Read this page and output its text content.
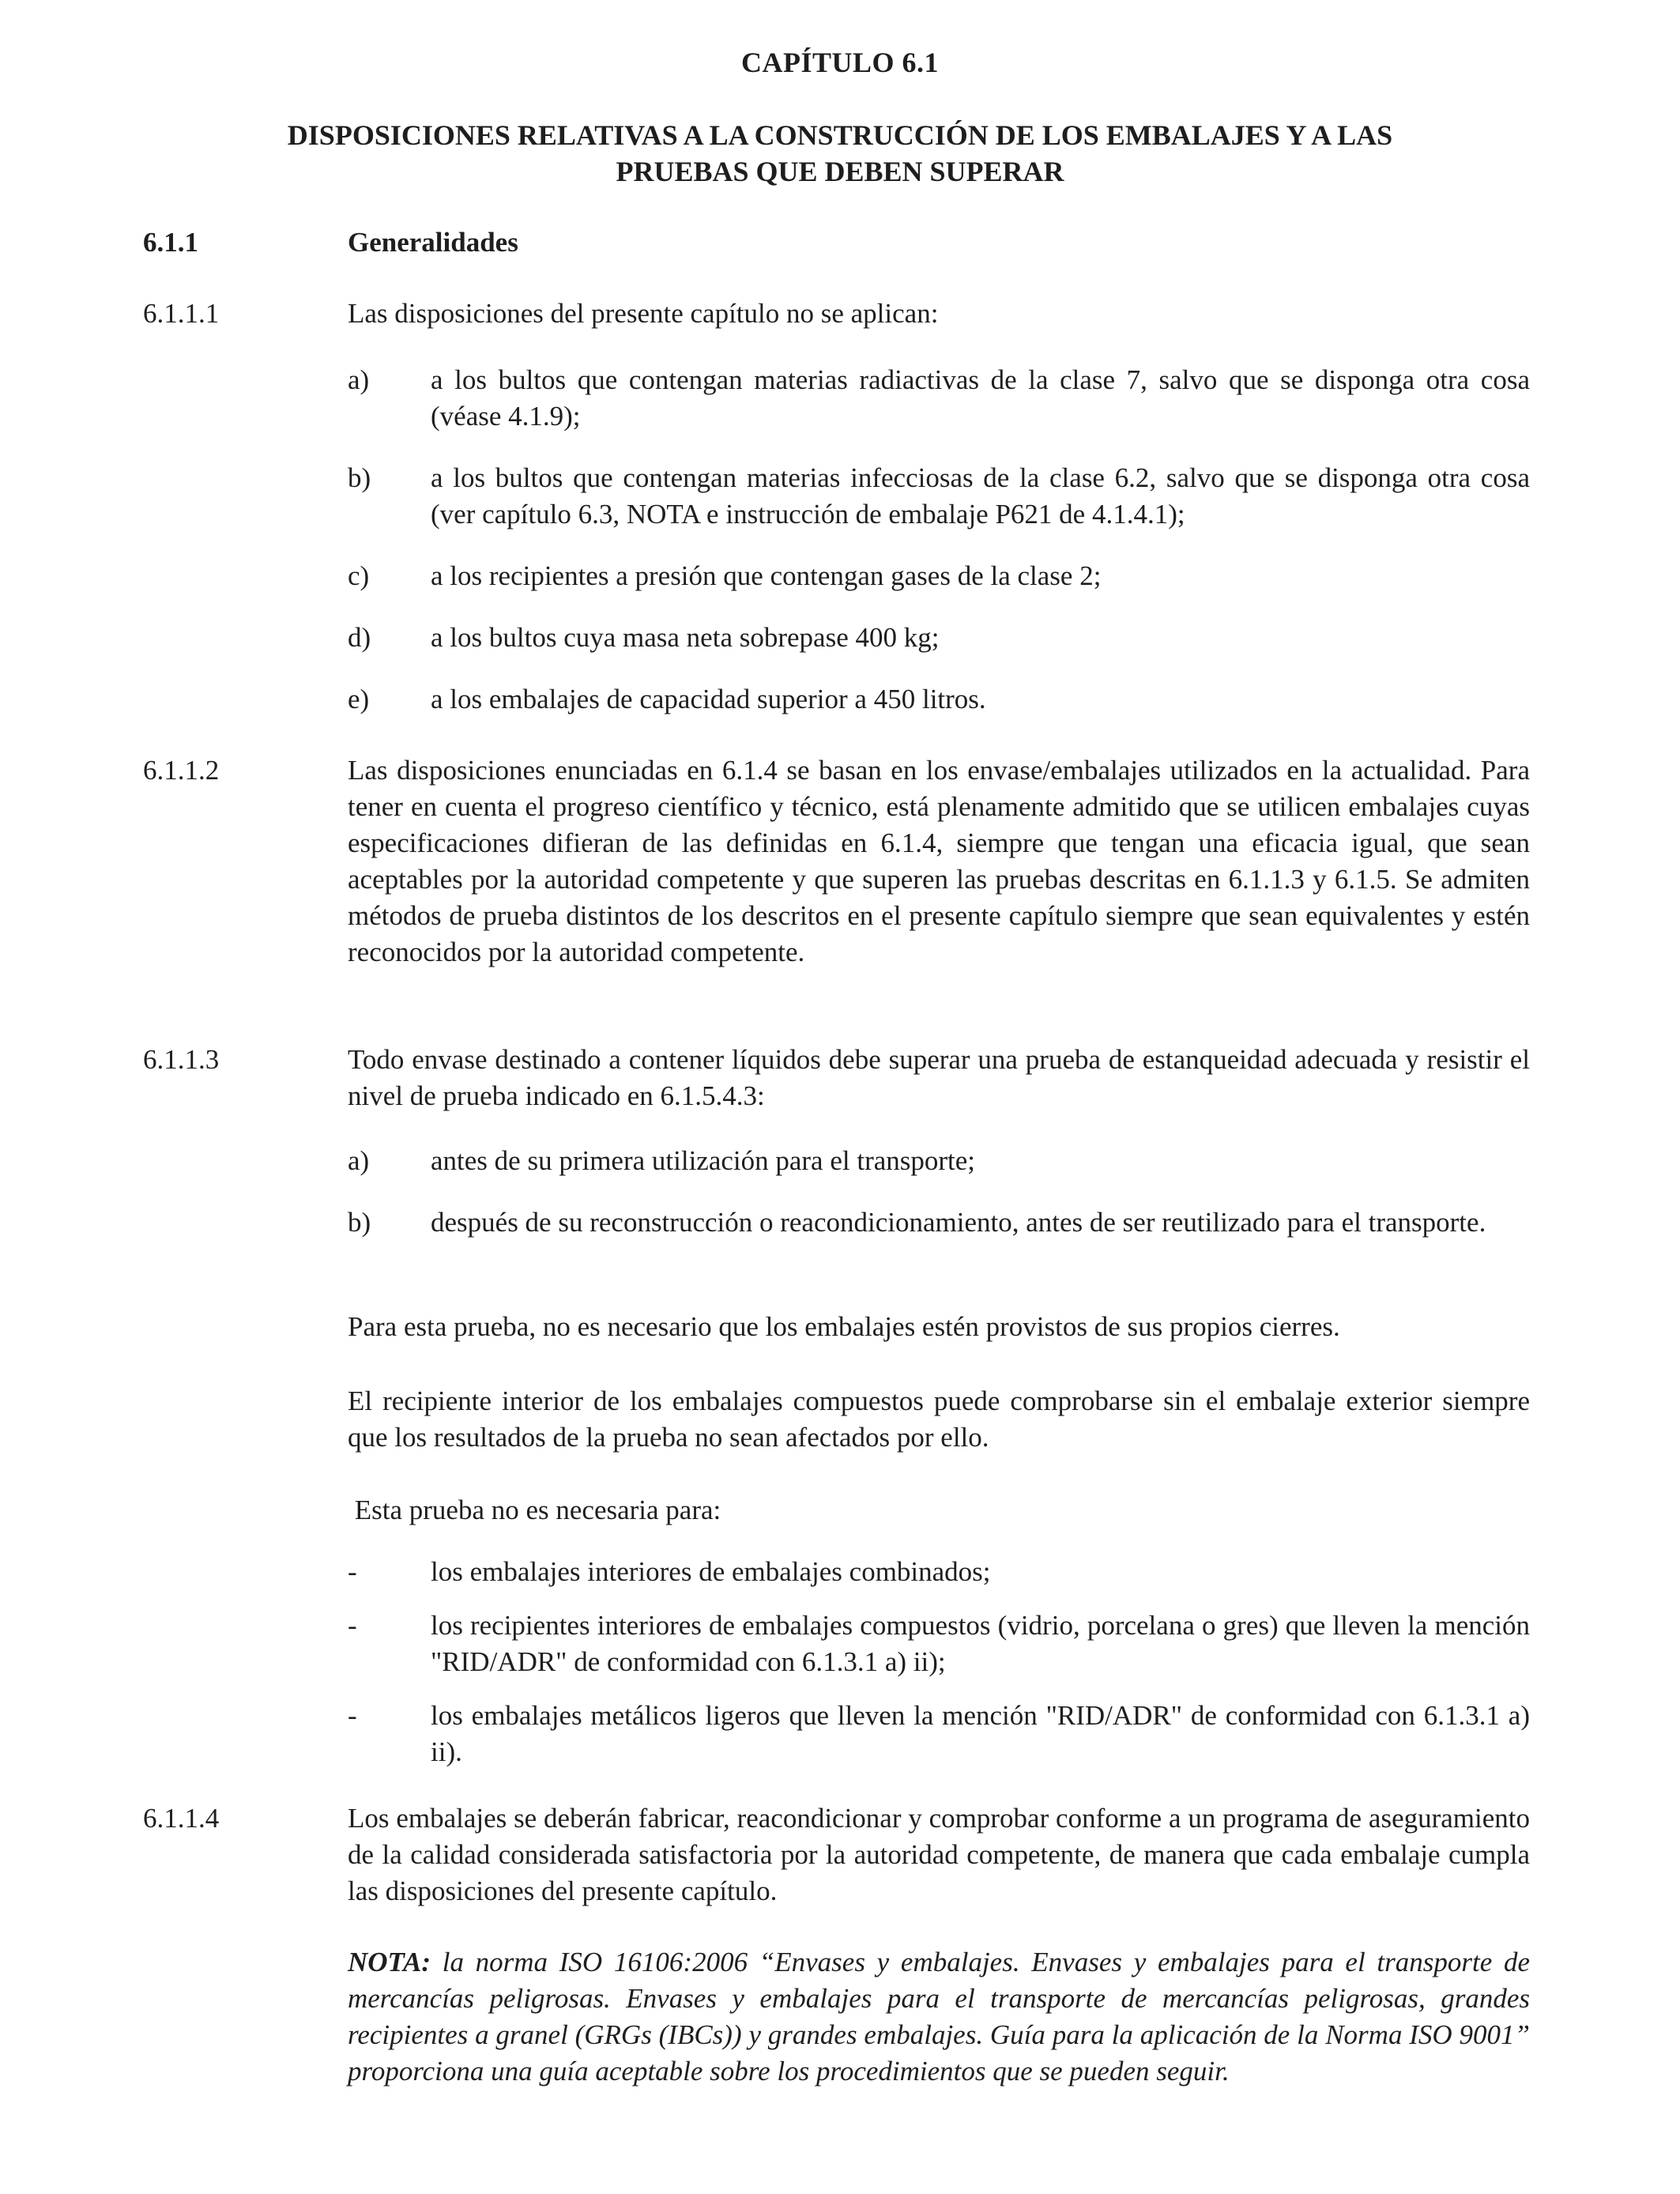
CAPÍTULO 6.1
DISPOSICIONES RELATIVAS A LA CONSTRUCCIÓN DE LOS EMBALAJES Y A LAS
PRUEBAS QUE DEBEN SUPERAR
6.1.1	Generalidades
6.1.1.1	Las disposiciones del presente capítulo no se aplican:
a) a los bultos que contengan materias radiactivas de la clase 7, salvo que se disponga otra cosa (véase 4.1.9);
b) a los bultos que contengan materias infecciosas de la clase 6.2, salvo que se disponga otra cosa (ver capítulo 6.3, NOTA e instrucción de embalaje P621 de 4.1.4.1);
c) a los recipientes a presión que contengan gases de la clase 2;
d) a los bultos cuya masa neta sobrepase 400 kg;
e) a los embalajes de capacidad superior a 450 litros.
6.1.1.2	Las disposiciones enunciadas en 6.1.4 se basan en los envase/embalajes utilizados en la actualidad. Para tener en cuenta el progreso científico y técnico, está plenamente admitido que se utilicen embalajes cuyas especificaciones difieran de las definidas en 6.1.4, siempre que tengan una eficacia igual, que sean aceptables por la autoridad competente y que superen las pruebas descritas en 6.1.1.3 y 6.1.5. Se admiten métodos de prueba distintos de los descritos en el presente capítulo siempre que sean equivalentes y estén reconocidos por la autoridad competente.
6.1.1.3	Todo envase destinado a contener líquidos debe superar una prueba de estanqueidad adecuada y resistir el nivel de prueba indicado en 6.1.5.4.3:
a) antes de su primera utilización para el transporte;
b) después de su reconstrucción o reacondicionamiento, antes de ser reutilizado para el transporte.
Para esta prueba, no es necesario que los embalajes estén provistos de sus propios cierres.
El recipiente interior de los embalajes compuestos puede comprobarse sin el embalaje exterior siempre que los resultados de la prueba no sean afectados por ello.
Esta prueba no es necesaria para:
-	los embalajes interiores de embalajes combinados;
-	los recipientes interiores de embalajes compuestos (vidrio, porcelana o gres) que lleven la mención "RID/ADR" de conformidad con 6.1.3.1 a) ii);
-	los embalajes metálicos ligeros que lleven la mención "RID/ADR" de conformidad con 6.1.3.1 a) ii).
6.1.1.4	Los embalajes se deberán fabricar, reacondicionar y comprobar conforme a un programa de aseguramiento de la calidad considerada satisfactoria por la autoridad competente, de manera que cada embalaje cumpla las disposiciones del presente capítulo.
NOTA: la norma ISO 16106:2006 “Envases y embalajes. Envases y embalajes para el transporte de mercancías peligrosas. Envases y embalajes para el transporte de mercancías peligrosas, grandes recipientes a granel (GRGs (IBCs)) y grandes embalajes. Guía para la aplicación de la Norma ISO 9001” proporciona una guía aceptable sobre los procedimientos que se pueden seguir.
